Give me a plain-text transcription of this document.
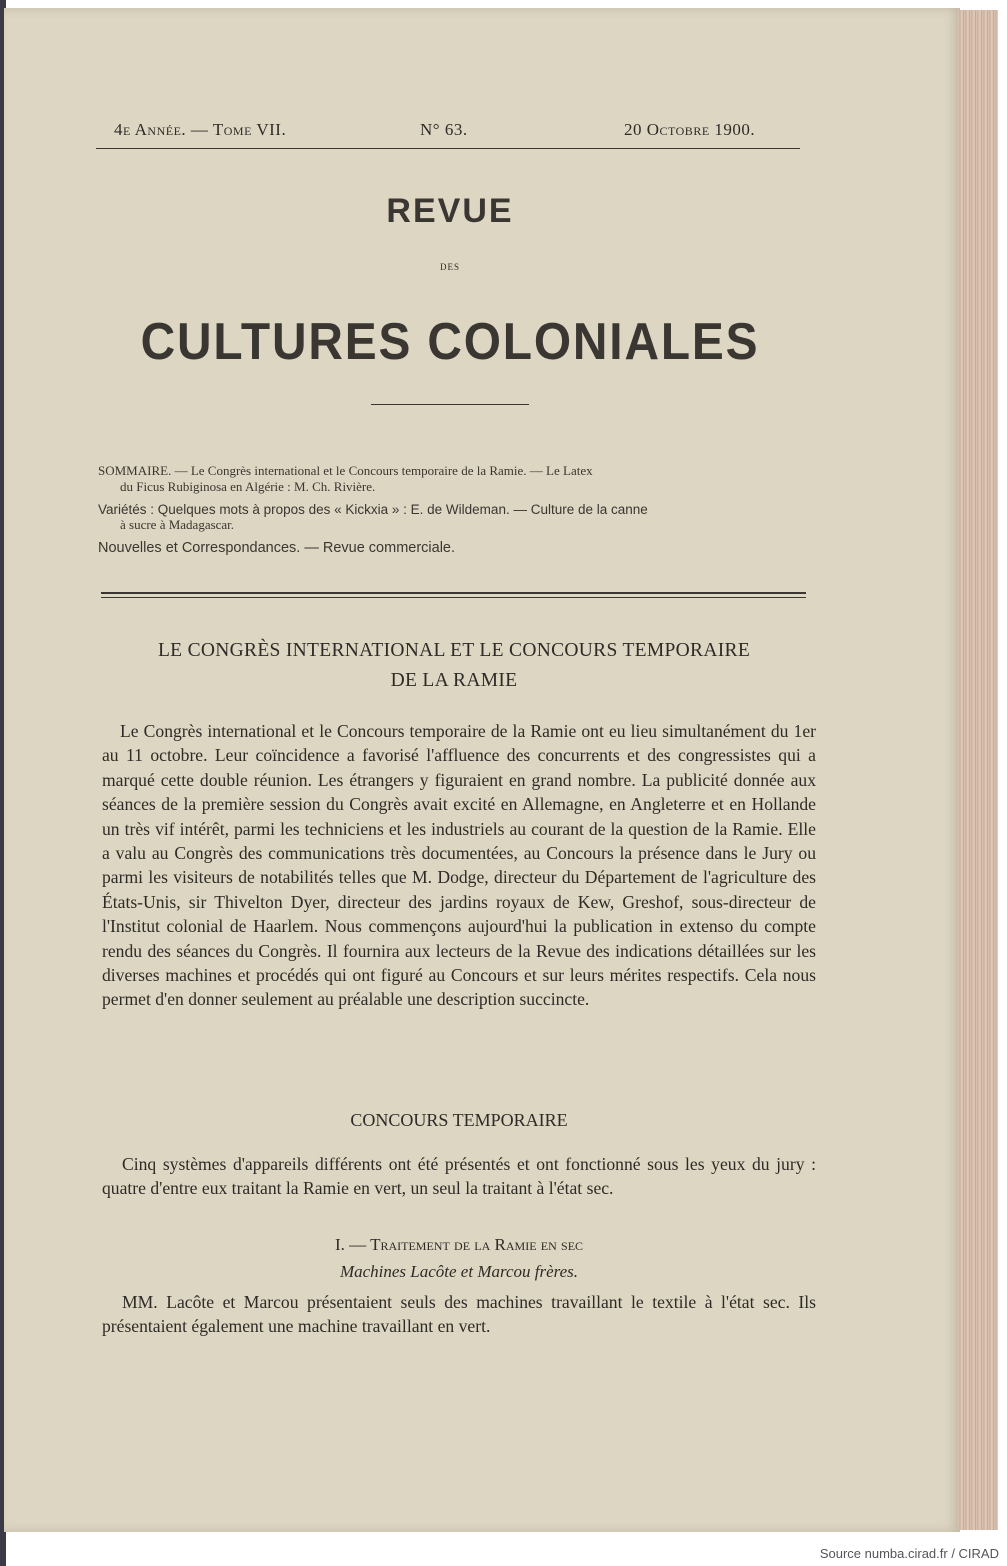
4e Année. — Tome VII.	N° 63.	20 Octobre 1900.
REVUE
DES
CULTURES COLONIALES
SOMMAIRE. — Le Congrès international et le Concours temporaire de la Ramie. — Le Latex
du Ficus Rubiginosa en Algérie : M. Ch. Rivière.
Variétés : Quelques mots à propos des « Kickxia » : E. de Wildeman. — Culture de la canne
à sucre à Madagascar.
Nouvelles et Correspondances. — Revue commerciale.
LE CONGRÈS INTERNATIONAL ET LE CONCOURS TEMPORAIRE
DE LA RAMIE
Le Congrès international et le Concours temporaire de la Ramie ont eu lieu simultanément du 1er au 11 octobre. Leur coïncidence a favorisé l'affluence des concurrents et des congressistes qui a marqué cette double réunion. Les étrangers y figuraient en grand nombre. La publicité donnée aux séances de la première session du Congrès avait excité en Allemagne, en Angleterre et en Hollande un très vif intérêt, parmi les techniciens et les industriels au courant de la question de la Ramie. Elle a valu au Congrès des communications très documentées, au Concours la présence dans le Jury ou parmi les visiteurs de notabilités telles que M. Dodge, directeur du Département de l'agriculture des États-Unis, sir Thivelton Dyer, directeur des jardins royaux de Kew, Greshof, sous-directeur de l'Institut colonial de Haarlem. Nous commençons aujourd'hui la publication in extenso du compte rendu des séances du Congrès. Il fournira aux lecteurs de la Revue des indications détaillées sur les diverses machines et procédés qui ont figuré au Concours et sur leurs mérites respectifs. Cela nous permet d'en donner seulement au préalable une description succincte.
CONCOURS TEMPORAIRE
Cinq systèmes d'appareils différents ont été présentés et ont fonctionné sous les yeux du jury : quatre d'entre eux traitant la Ramie en vert, un seul la traitant à l'état sec.
I. — Traitement de la Ramie en sec
Machines Lacôte et Marcou frères.
MM. Lacôte et Marcou présentaient seuls des machines travaillant le textile à l'état sec. Ils présentaient également une machine travaillant en vert.
Source numba.cirad.fr / CIRAD
